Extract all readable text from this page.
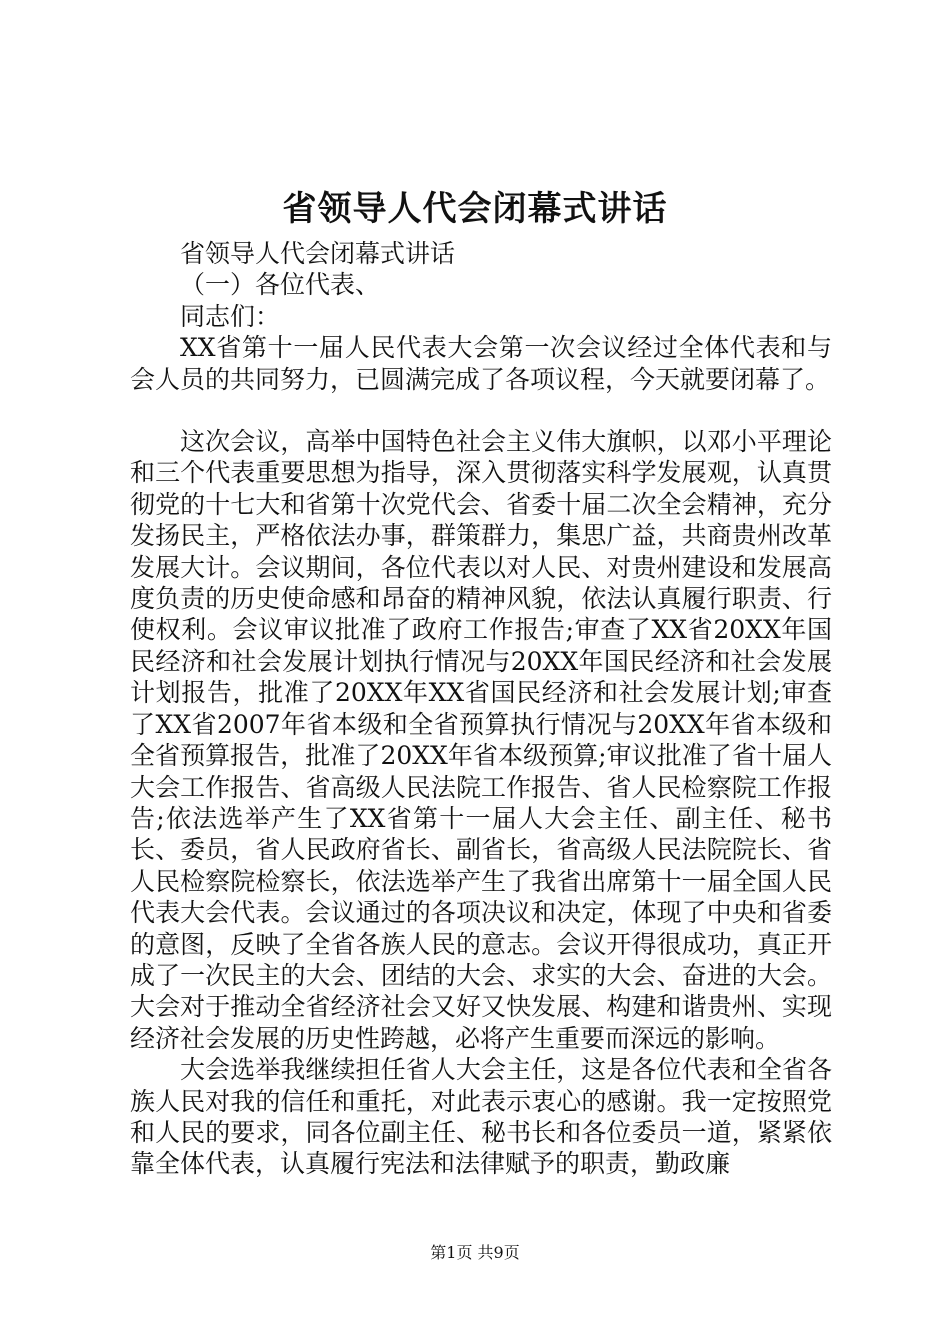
省领导人代会闭幕式讲话

省领导人代会闭幕式讲话

（一）各位代表、

同志们：

XX省第十一届人民代表大会第一次会议经过全体代表和与会人员的共同努力，已圆满完成了各项议程，今天就要闭幕了。

这次会议，高举中国特色社会主义伟大旗帜，以邓小平理论和三个代表重要思想为指导，深入贯彻落实科学发展观，认真贯彻党的十七大和省第十次党代会、省委十届二次全会精神，充分发扬民主，严格依法办事，群策群力，集思广益，共商贵州改革发展大计。会议期间，各位代表以对人民、对贵州建设和发展高度负责的历史使命感和昂奋的精神风貌，依法认真履行职责、行使权利。会议审议批准了政府工作报告;审查了XX省20XX年国民经济和社会发展计划执行情况与20XX年国民经济和社会发展计划报告，批准了20XX年XX省国民经济和社会发展计划;审查了XX省2007年省本级和全省预算执行情况与20XX年省本级和全省预算报告，批准了20XX年省本级预算;审议批准了省十届人大会工作报告、省高级人民法院工作报告、省人民检察院工作报告;依法选举产生了XX省第十一届人大会主任、副主任、秘书长、委员，省人民政府省长、副省长，省高级人民法院院长、省人民检察院检察长，依法选举产生了我省出席第十一届全国人民代表大会代表。会议通过的各项决议和决定，体现了中央和省委的意图，反映了全省各族人民的意志。会议开得很成功，真正开成了一次民主的大会、团结的大会、求实的大会、奋进的大会。大会对于推动全省经济社会又好又快发展、构建和谐贵州、实现经济社会发展的历史性跨越，必将产生重要而深远的影响。

大会选举我继续担任省人大会主任，这是各位代表和全省各族人民对我的信任和重托，对此表示衷心的感谢。我一定按照党和人民的要求，同各位副主任、秘书长和各位委员一道，紧紧依靠全体代表，认真履行宪法和法律赋予的职责，勤政廉

第1页 共9页
